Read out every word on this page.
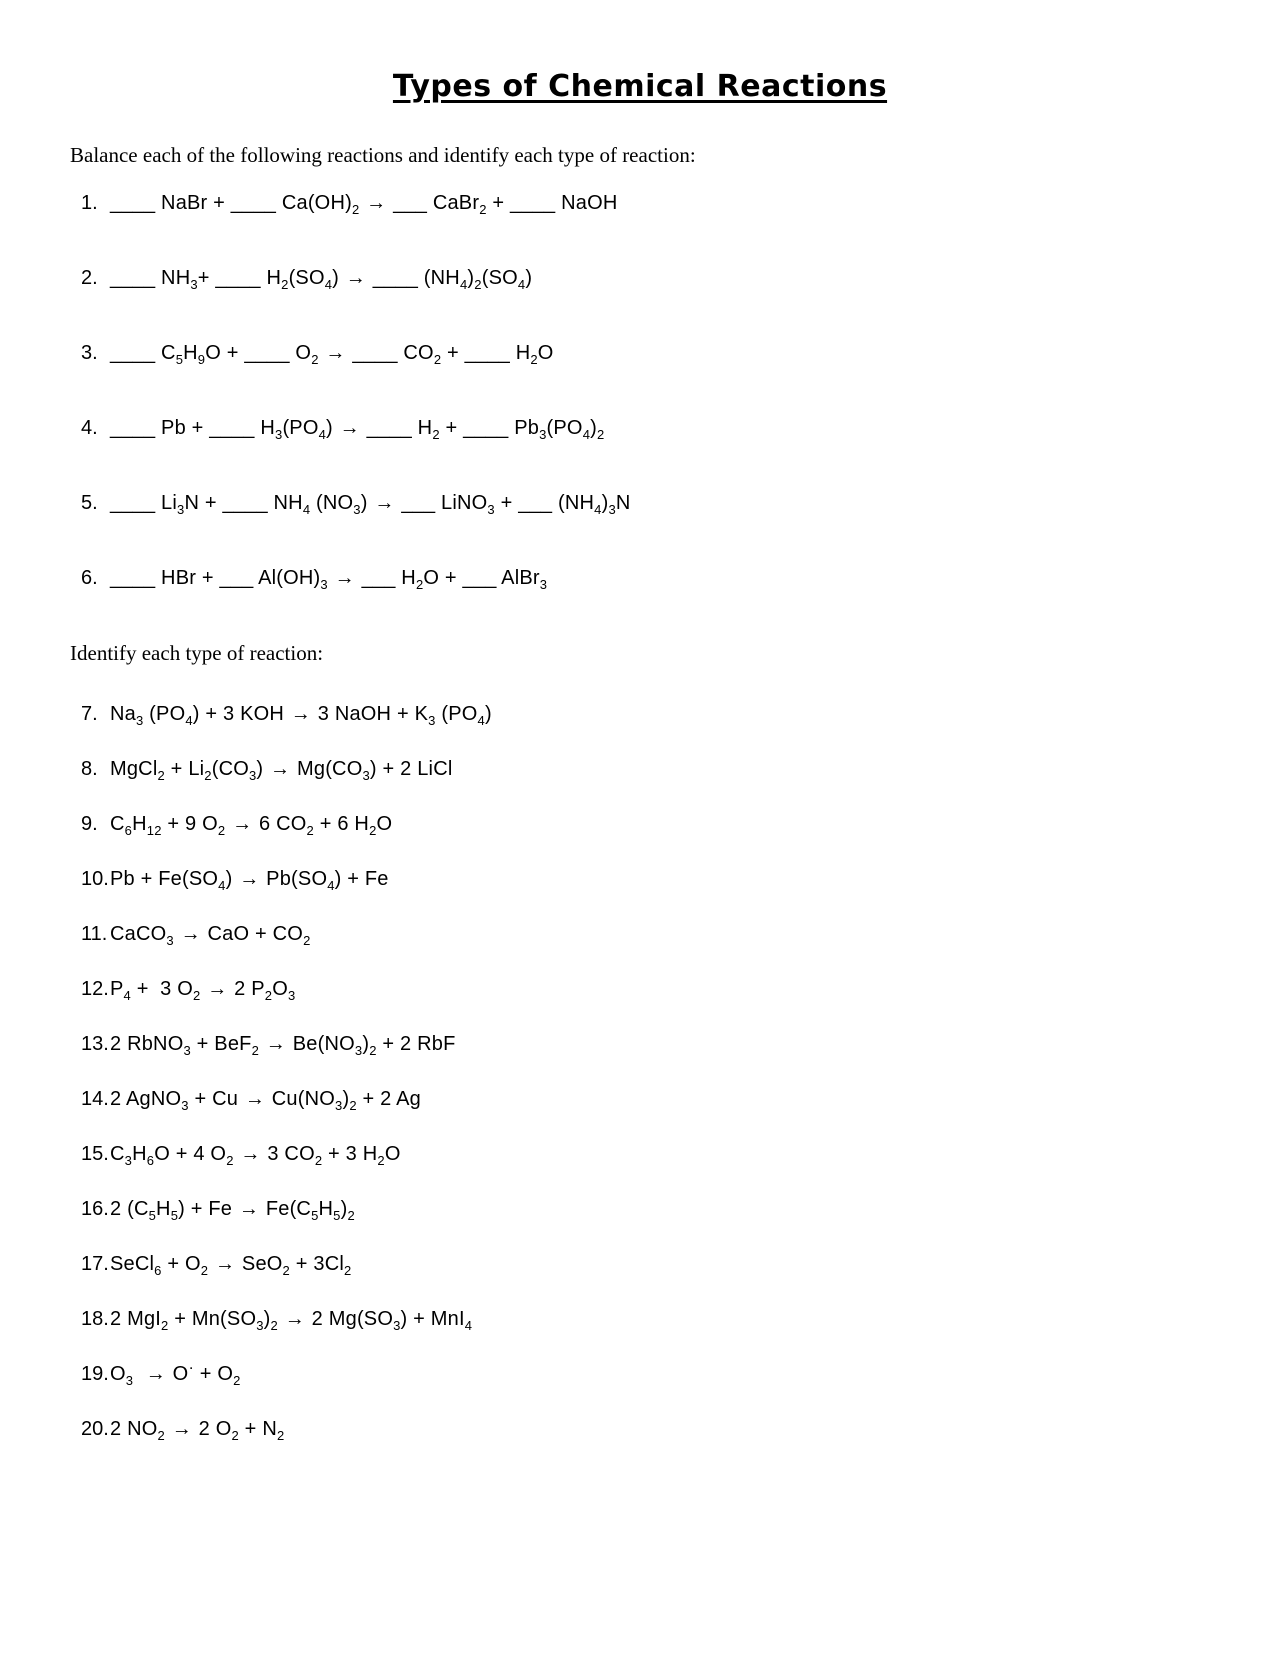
Types of Chemical Reactions
Balance each of the following reactions and identify each type of reaction:
1. ____ NaBr + ____ $Ca(OH)_2$ → ___ CaBr$_2$ + ____ NaOH
2. ____ $NH_3+$ ____ $H_2(SO_4)$ → ____ $(NH_4)_2(SO_4)$
3. ____ $C_5H_9O$ + ____ $O_2$ → ____ $CO_2$ + ____ $H_2O$
4. ____ Pb + ____ $H_3(PO_4)$ → ____ $H_2$ + ____ $Pb_3(PO_4)_2$
5. ____ $Li_3N$ + ____ $NH_4$ $(NO_3)$ → ___ LiNO$_3$ + ___ $(NH_4)_3N$
6. ____ HBr + ___ $Al(OH)_3$ → ___ $H_2O$ + ___ AlBr$_3$
Identify each type of reaction:
7. $Na_3$ $(PO_4) + 3$ KOH → 3 NaOH + $K_3$ $(PO_4)$
8. MgCl$_2$ + $Li_2(CO_3) \to Mg(CO_3) + 2$ LiCl
9. $C_6H_{12} + 9$ $O_2 \to 6$ $CO_2 + 6$ $H_2O$
10. $Pb + Fe(SO_4) \to Pb(SO_4) + Fe$
11. CaCO$_3$ → CaO + $CO_2$
12. $P_4 + 3$ $O_2 \to 2$ $P_2O_3$
13. 2 RbNO$_3$ + $BeF_2 \to Be(NO_3)_2 + 2$ RbF
14. 2 AgNO$_3$ + $Cu \to Cu(NO_3)_2 + 2$ Ag
15. $C_3H_6O + 4$ $O_2 \to 3$ $CO_2 + 3$ $H_2O$
16. 2 $(C_5H_5) + Fe \to Fe(C_5H_5)_2$
17. SeCl$_6$ + $O_2 \to SeO_2 + 3Cl_2$
18. 2 $MgI_2 + Mn(SO_3)_2 \to 2$ $Mg(SO_3) + MnI_4$
19. $O_3 \to O^\cdot + O_2$
20. 2 $NO_2 \to 2$ $O_2 + N_2$
